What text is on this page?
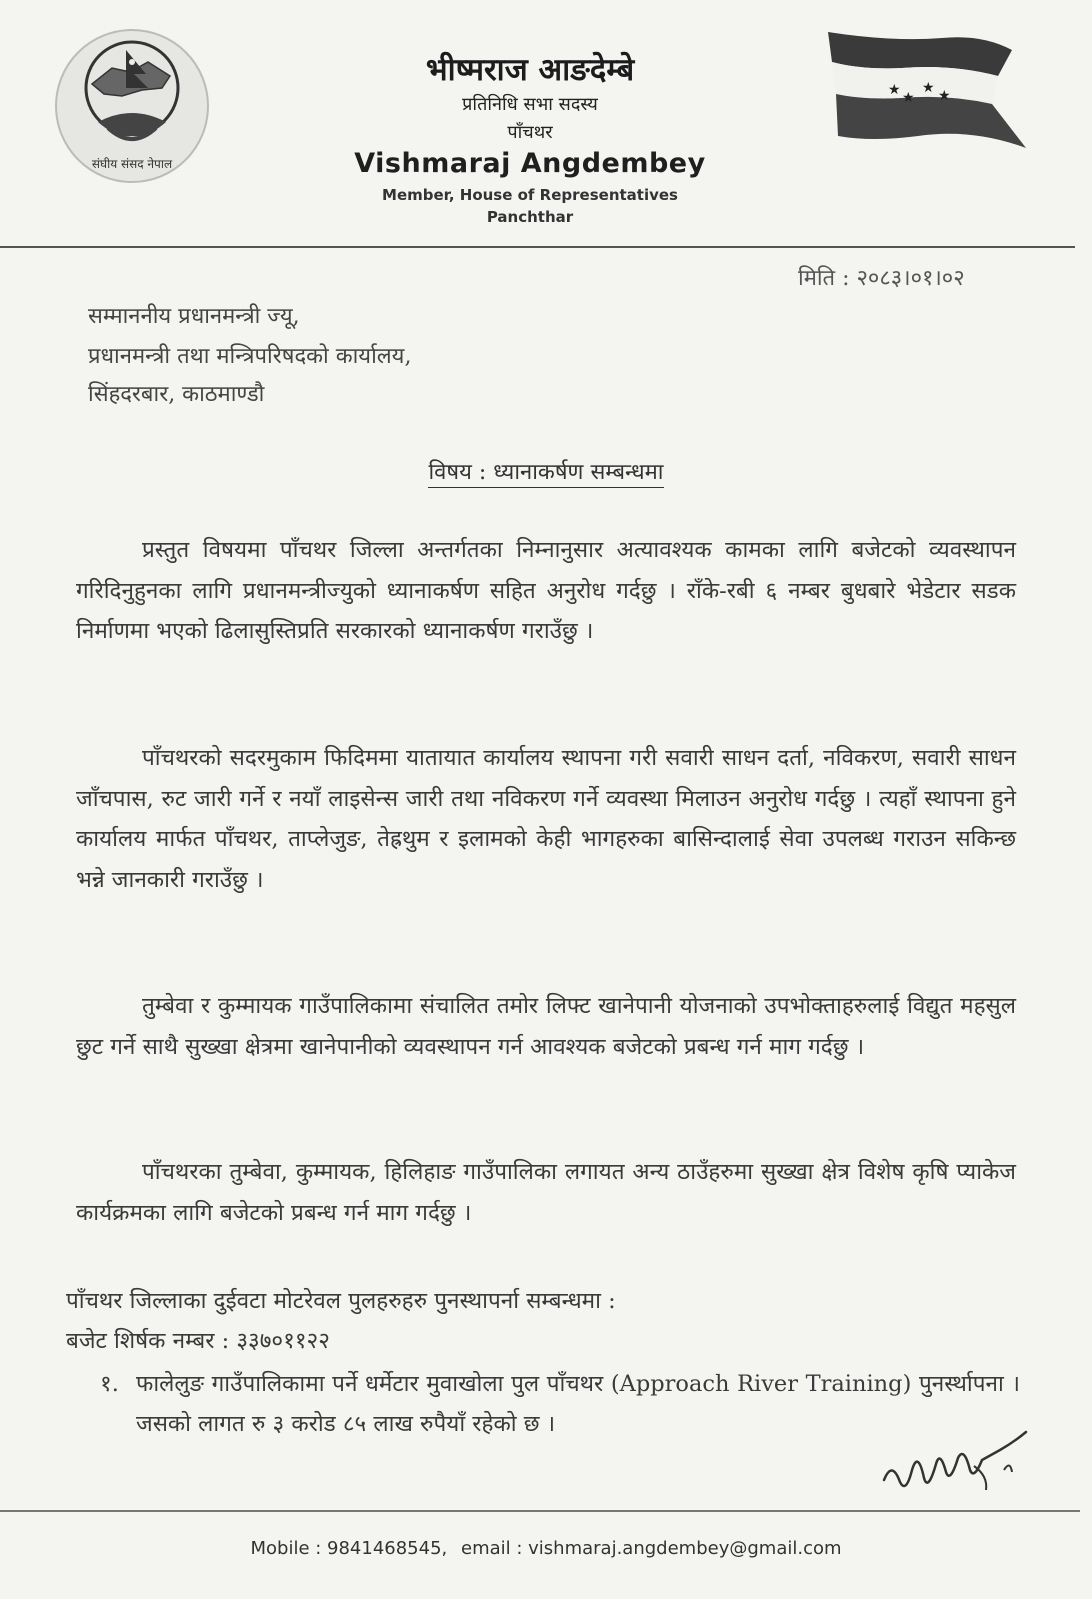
संघीय संसद नेपाल
भीष्मराज आङदेम्बे
प्रतिनिधि सभा सदस्य
पाँचथर
Vishmaraj Angdembey
Member, House of Representatives
Panchthar
★ ★
★ ★
मिति : २०८३।०१।०२
सम्माननीय प्रधानमन्त्री ज्यू,
प्रधानमन्त्री तथा मन्त्रिपरिषदको कार्यालय,
सिंहदरबार, काठमाण्डौ
विषय : ध्यानाकर्षण सम्बन्धमा

प्रस्तुत विषयमा पाँचथर जिल्ला अन्तर्गतका निम्नानुसार अत्यावश्यक कामका लागि बजेटको व्यवस्थापन गरिदिनुहुनका लागि प्रधानमन्त्रीज्युको ध्यानाकर्षण सहित अनुरोध गर्दछु । राँके-रबी ६ नम्बर बुधबारे भेडेटार सडक निर्माणमा भएको ढिलासुस्तिप्रति सरकारको ध्यानाकर्षण गराउँछु ।

पाँचथरको सदरमुकाम फिदिममा यातायात कार्यालय स्थापना गरी सवारी साधन दर्ता, नविकरण, सवारी साधन जाँचपास, रुट जारी गर्ने र नयाँ लाइसेन्स जारी तथा नविकरण गर्ने व्यवस्था मिलाउन अनुरोध गर्दछु । त्यहाँ स्थापना हुने कार्यालय मार्फत पाँचथर, ताप्लेजुङ, तेह्रथुम र इलामको केही भागहरुका बासिन्दालाई सेवा उपलब्ध गराउन सकिन्छ भन्ने जानकारी गराउँछु ।

तुम्बेवा र कुम्मायक गाउँपालिकामा संचालित तमोर लिफ्ट खानेपानी योजनाको उपभोक्ताहरुलाई विद्युत महसुल छुट गर्ने साथै सुख्खा क्षेत्रमा खानेपानीको व्यवस्थापन गर्न आवश्यक बजेटको प्रबन्ध गर्न माग गर्दछु ।

पाँचथरका तुम्बेवा, कुम्मायक, हिलिहाङ गाउँपालिका लगायत अन्य ठाउँहरुमा सुख्खा क्षेत्र विशेष कृषि प्याकेज कार्यक्रमका लागि बजेटको प्रबन्ध गर्न माग गर्दछु ।

पाँचथर जिल्लाका दुईवटा मोटरेवल पुलहरुहरु पुनस्थापर्ना सम्बन्धमा :
बजेट शिर्षक नम्बर : ३३७०११२२
१. फालेलुङ गाउँपालिकामा पर्ने धर्मेटार मुवाखोला पुल पाँचथर (Approach River Training) पुनर्स्थापना । जसको लागत रु ३ करोड ८५ लाख रुपैयाँ रहेको छ ।
Mobile : 9841468545, email : vishmaraj.angdembey@gmail.com
